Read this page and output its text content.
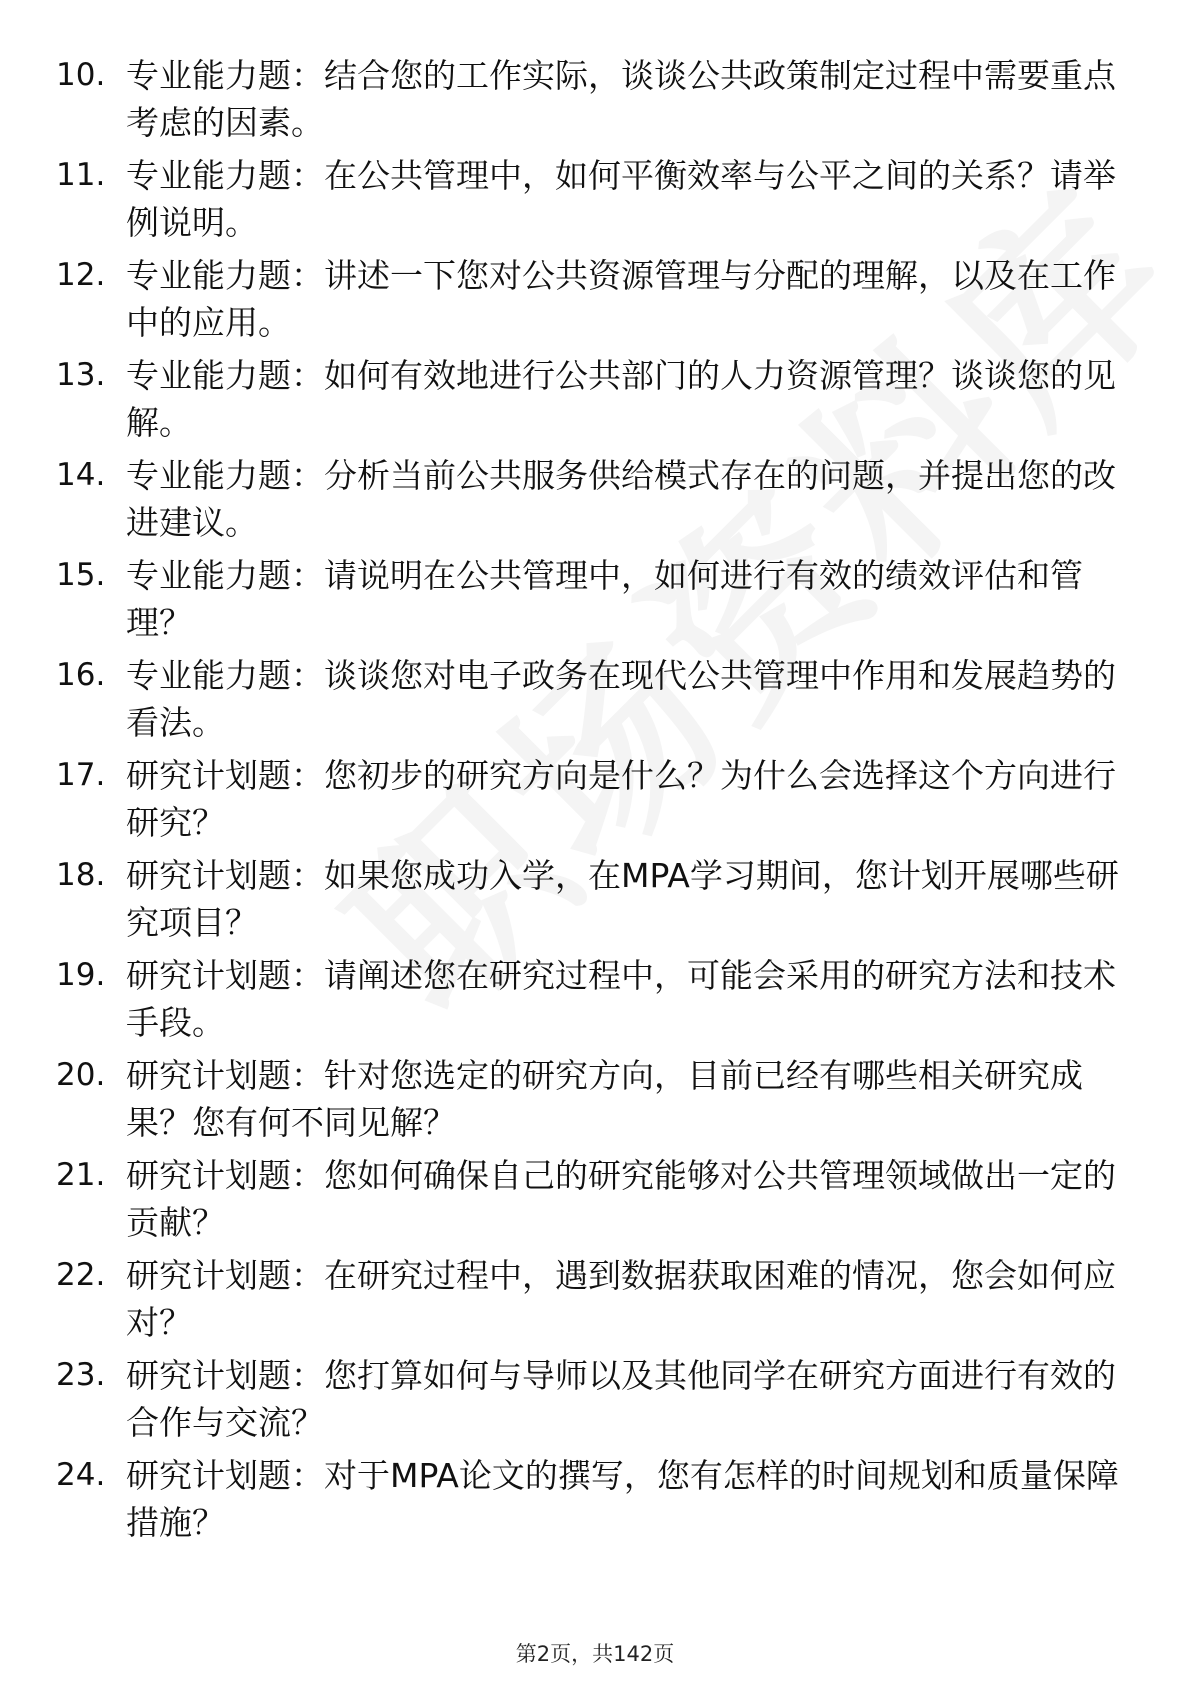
10. 专业能力题：结合您的工作实际，谈谈公共政策制定过程中需要重点考虑的因素。
11. 专业能力题：在公共管理中，如何平衡效率与公平之间的关系？请举例说明。
12. 专业能力题：讲述一下您对公共资源管理与分配的理解，以及在工作中的应用。
13. 专业能力题：如何有效地进行公共部门的人力资源管理？谈谈您的见解。
14. 专业能力题：分析当前公共服务供给模式存在的问题，并提出您的改进建议。
15. 专业能力题：请说明在公共管理中，如何进行有效的绩效评估和管理？
16. 专业能力题：谈谈您对电子政务在现代公共管理中作用和发展趋势的看法。
17. 研究计划题：您初步的研究方向是什么？为什么会选择这个方向进行研究？
18. 研究计划题：如果您成功入学，在MPA学习期间，您计划开展哪些研究项目？
19. 研究计划题：请阐述您在研究过程中，可能会采用的研究方法和技术手段。
20. 研究计划题：针对您选定的研究方向，目前已经有哪些相关研究成果？您有何不同见解？
21. 研究计划题：您如何确保自己的研究能够对公共管理领域做出一定的贡献？
22. 研究计划题：在研究过程中，遇到数据获取困难的情况，您会如何应对？
23. 研究计划题：您打算如何与导师以及其他同学在研究方面进行有效的合作与交流？
24. 研究计划题：对于MPA论文的撰写，您有怎样的时间规划和质量保障措施？
第2页，共142页
